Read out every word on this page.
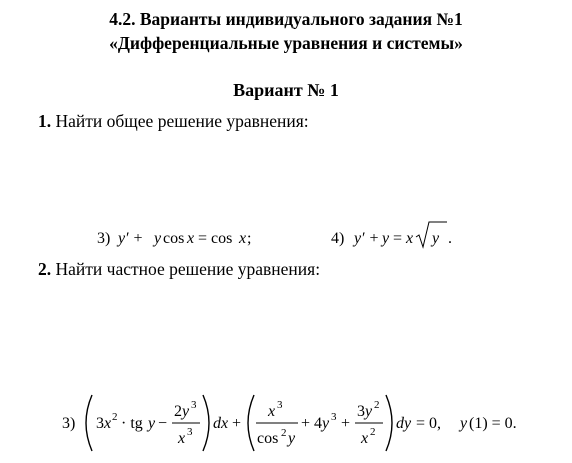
4.2. Варианты индивидуального задания №1
«Дифференциальные уравнения и системы»
Вариант № 1
1. Найти общее решение уравнения:
3) y ′ + y cos x = cos x ;	4) y ′ + y = x y .
2. Найти частное решение уравнения:
3) 3 x 2 · tg y −
2 y 3
x 3 dx +
x 3
cos 2 y
+ 4 y 3 +
3 y 2
x 2 dy = 0, y (1) = 0.
